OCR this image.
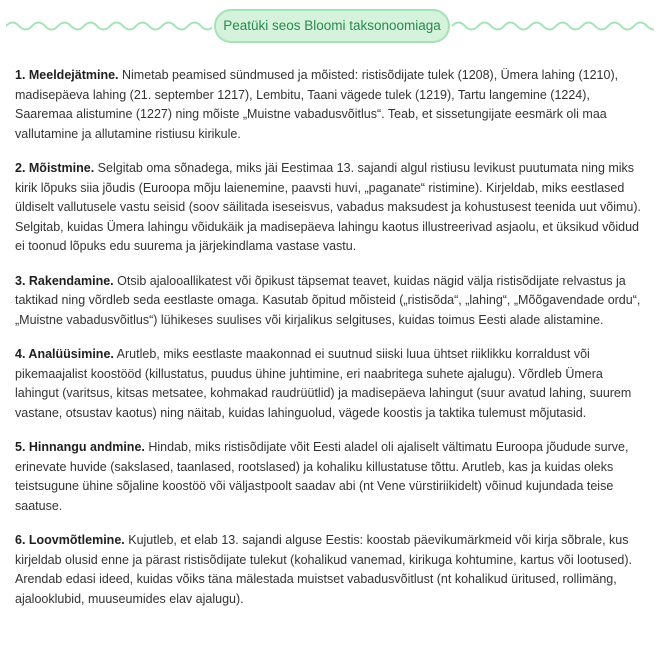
Peatüki seos Bloomi taksonoomiaga

1. Meeldejätmine. Nimetab peamised sündmused ja mõisted: ristisõdijate tulek (1208), Ümera lahing (1210), madisepäeva lahing (21. september 1217), Lembitu, Taani vägede tulek (1219), Tartu langemine (1224), Saaremaa alistumine (1227) ning mõiste „Muistne vabadusvõitlus“. Teab, et sissetungijate eesmärk oli maa vallutamine ja allutamine ristiusu kirikule.

2. Mõistmine. Selgitab oma sõnadega, miks jäi Eestimaa 13. sajandi algul ristiusu levikust puutumata ning miks kirik lõpuks siia jõudis (Euroopa mõju laienemine, paavsti huvi, „paganate“ ristimine). Kirjeldab, miks eestlased üldiselt vallutusele vastu seisid (soov säilitada iseseisvus, vabadus maksudest ja kohustusest teenida uut võimu). Selgitab, kuidas Ümera lahingu võidukäik ja madisepäeva lahingu kaotus illustreerivad asjaolu, et üksikud võidud ei toonud lõpuks edu suurema ja järjekindlama vastase vastu.

3. Rakendamine. Otsib ajalooallikatest või õpikust täpsemat teavet, kuidas nägid välja ristisõdijate relvastus ja taktikad ning võrdleb seda eestlaste omaga. Kasutab õpitud mõisteid („ristisõda“, „lahing“, „Mõõgavendade ordu“, „Muistne vabadusvõitlus“) lühikeses suulises või kirjalikus selgituses, kuidas toimus Eesti alade alistamine.

4. Analüüsimine. Arutleb, miks eestlaste maakonnad ei suutnud siiski luua ühtset riiklikku korraldust või pikemaajalist koostööd (killustatus, puudus ühine juhtimine, eri naabritega suhete ajalugu). Võrdleb Ümera lahingut (varitsus, kitsas metsatee, kohmakad raudrüütlid) ja madisepäeva lahingut (suur avatud lahing, suurem vastane, otsustav kaotus) ning näitab, kuidas lahinguolud, vägede koostis ja taktika tulemust mõjutasid.

5. Hinnangu andmine. Hindab, miks ristisõdijate võit Eesti aladel oli ajaliselt vältimatu Euroopa jõudude surve, erinevate huvide (sakslased, taanlased, rootslased) ja kohaliku killustatuse tõttu. Arutleb, kas ja kuidas oleks teistsugune ühine sõjaline koostöö või väljastpoolt saadav abi (nt Vene vürstiriikidelt) võinud kujundada teise saatuse.

6. Loovmõtlemine. Kujutleb, et elab 13. sajandi alguse Eestis: koostab päevikumärkmeid või kirja sõbrale, kus kirjeldab olusid enne ja pärast ristisõdijate tulekut (kohalikud vanemad, kirikuga kohtumine, kartus või lootused). Arendab edasi ideed, kuidas võiks täna mälestada muistset vabadusvõitlust (nt kohalikud üritused, rollimäng, ajalooklubid, muuseumides elav ajalugu).
